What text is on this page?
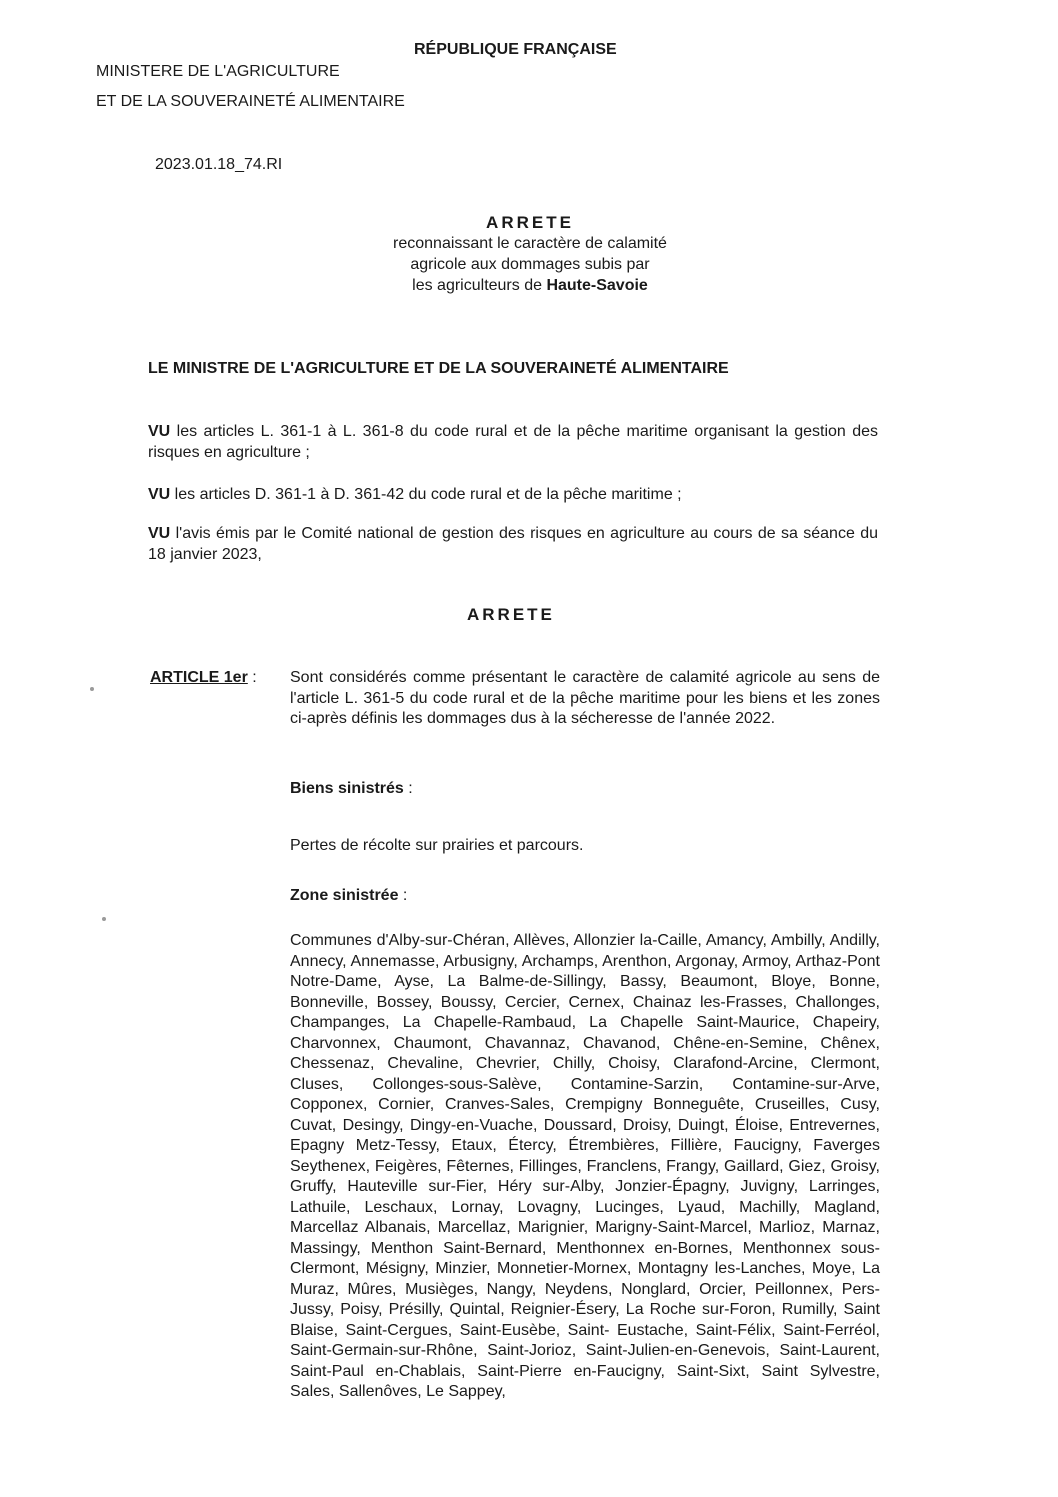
RÉPUBLIQUE FRANÇAISE
MINISTERE DE L'AGRICULTURE
ET DE LA SOUVERAINETÉ ALIMENTAIRE
2023.01.18_74.RI
ARRETE
reconnaissant le caractère de calamité
agricole aux dommages subis par
les agriculteurs de Haute-Savoie
LE MINISTRE DE L'AGRICULTURE ET DE LA SOUVERAINETÉ ALIMENTAIRE
VU les articles L. 361-1 à L. 361-8 du code rural et de la pêche maritime organisant la gestion des risques en agriculture ;
VU les articles D. 361-1 à D. 361-42 du code rural et de la pêche maritime ;
VU l'avis émis par le Comité national de gestion des risques en agriculture au cours de sa séance du 18 janvier 2023,
ARRETE
ARTICLE 1er : Sont considérés comme présentant le caractère de calamité agricole au sens de l'article L. 361-5 du code rural et de la pêche maritime pour les biens et les zones ci-après définis les dommages dus à la sécheresse de l'année 2022.
Biens sinistrés :
Pertes de récolte sur prairies et parcours.
Zone sinistrée :
Communes d'Alby-sur-Chéran, Allèves, Allonzier la-Caille, Amancy, Ambilly, Andilly, Annecy, Annemasse, Arbusigny, Archamps, Arenthon, Argonay, Armoy, Arthaz-Pont Notre-Dame, Ayse, La Balme-de-Sillingy, Bassy, Beaumont, Bloye, Bonne, Bonneville, Bossey, Boussy, Cercier, Cernex, Chainaz les-Frasses, Challonges, Champanges, La Chapelle-Rambaud, La Chapelle Saint-Maurice, Chapeiry, Charvonnex, Chaumont, Chavannaz, Chavanod, Chêne-en-Semine, Chênex, Chessenaz, Chevaline, Chevrier, Chilly, Choisy, Clarafond-Arcine, Clermont, Cluses, Collonges-sous-Salève, Contamine-Sarzin, Contamine-sur-Arve, Copponex, Cornier, Cranves-Sales, Crempigny Bonneguête, Cruseilles, Cusy, Cuvat, Desingy, Dingy-en-Vuache, Doussard, Droisy, Duingt, Éloise, Entrevernes, Epagny Metz-Tessy, Etaux, Étercy, Étrembières, Fillière, Faucigny, Faverges Seythenex, Feigères, Fêternes, Fillinges, Franclens, Frangy, Gaillard, Giez, Groisy, Gruffy, Hauteville sur-Fier, Héry sur-Alby, Jonzier-Épagny, Juvigny, Larringes, Lathuile, Leschaux, Lornay, Lovagny, Lucinges, Lyaud, Machilly, Magland, Marcellaz Albanais, Marcellaz, Marignier, Marigny-Saint-Marcel, Marlioz, Marnaz, Massingy, Menthon Saint-Bernard, Menthonnex en-Bornes, Menthonnex sous-Clermont, Mésigny, Minzier, Monnetier-Mornex, Montagny les-Lanches, Moye, La Muraz, Mûres, Musièges, Nangy, Neydens, Nonglard, Orcier, Peillonnex, Pers-Jussy, Poisy, Présilly, Quintal, Reignier-Ésery, La Roche sur-Foron, Rumilly, Saint Blaise, Saint-Cergues, Saint-Eusèbe, Saint- Eustache, Saint-Félix, Saint-Ferréol, Saint-Germain-sur-Rhône, Saint-Jorioz, Saint-Julien-en-Genevois, Saint-Laurent, Saint-Paul en-Chablais, Saint-Pierre en-Faucigny, Saint-Sixt, Saint Sylvestre, Sales, Sallenôves, Le Sappey,
